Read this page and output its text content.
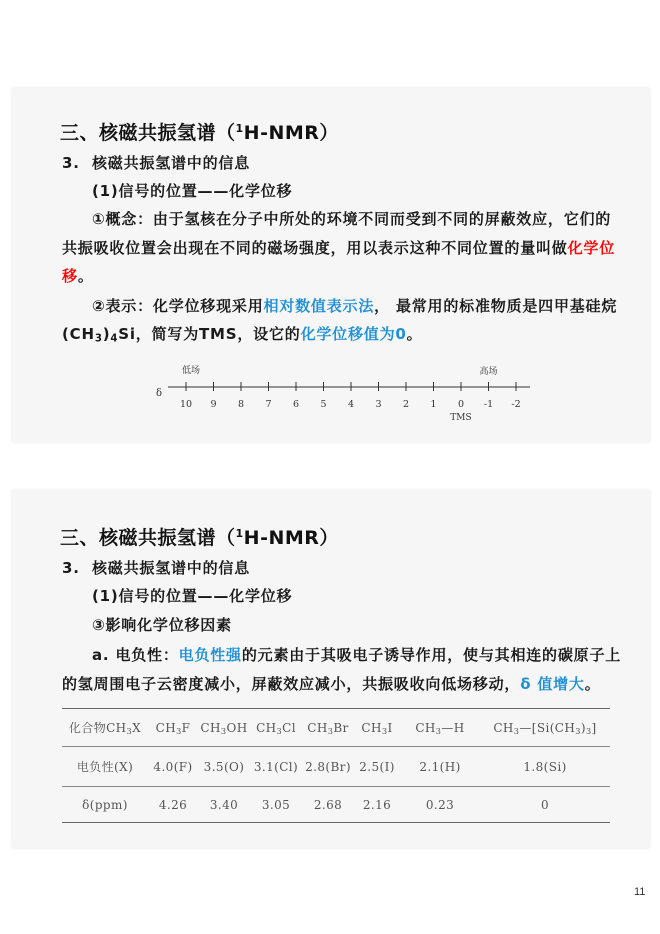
三、核磁共振氢谱（$^1$H-NMR）
3. 核磁共振氢谱中的信息
(1)信号的位置——化学位移
①概念：由于氢核在分子中所处的环境不同而受到不同的屏蔽效应，它们的
共振吸收位置会出现在不同的磁场强度，用以表示这种不同位置的量叫做化学位
移。
②表示：化学位移现采用相对数值表示法， 最常用的标准物质是四甲基硅烷
$(CH_3)_4Si$，简写为TMS，设它的化学位移值为0。
δ
10 9 8 7 6 5 4 3 2 1 0 -1 -2
TMS
低场	高场
三、核磁共振氢谱（$^1$H-NMR）
3. 核磁共振氢谱中的信息
(1)信号的位置——化学位移
③影响化学位移因素
a. 电负性：电负性强的元素由于其吸电子诱导作用，使与其相连的碳原子上
的氢周围电子云密度减小，屏蔽效应减小，共振吸收向低场移动，δ 值增大。
化合物$CH_3X$	$CH_3F$	$CH_3OH$	$CH_3Cl$	$CH_3Br$	$CH_3I$	$CH_3—H$	$CH_3—[Si(CH_3)_3]$
电负性(X)	4.0(F)	3.5(O)	3.1(Cl)	2.8(Br)	2.5(I)	2.1(H)	1.8(Si)
δ(ppm)	4.26	3.40	3.05	2.68	2.16	0.23	0
11
